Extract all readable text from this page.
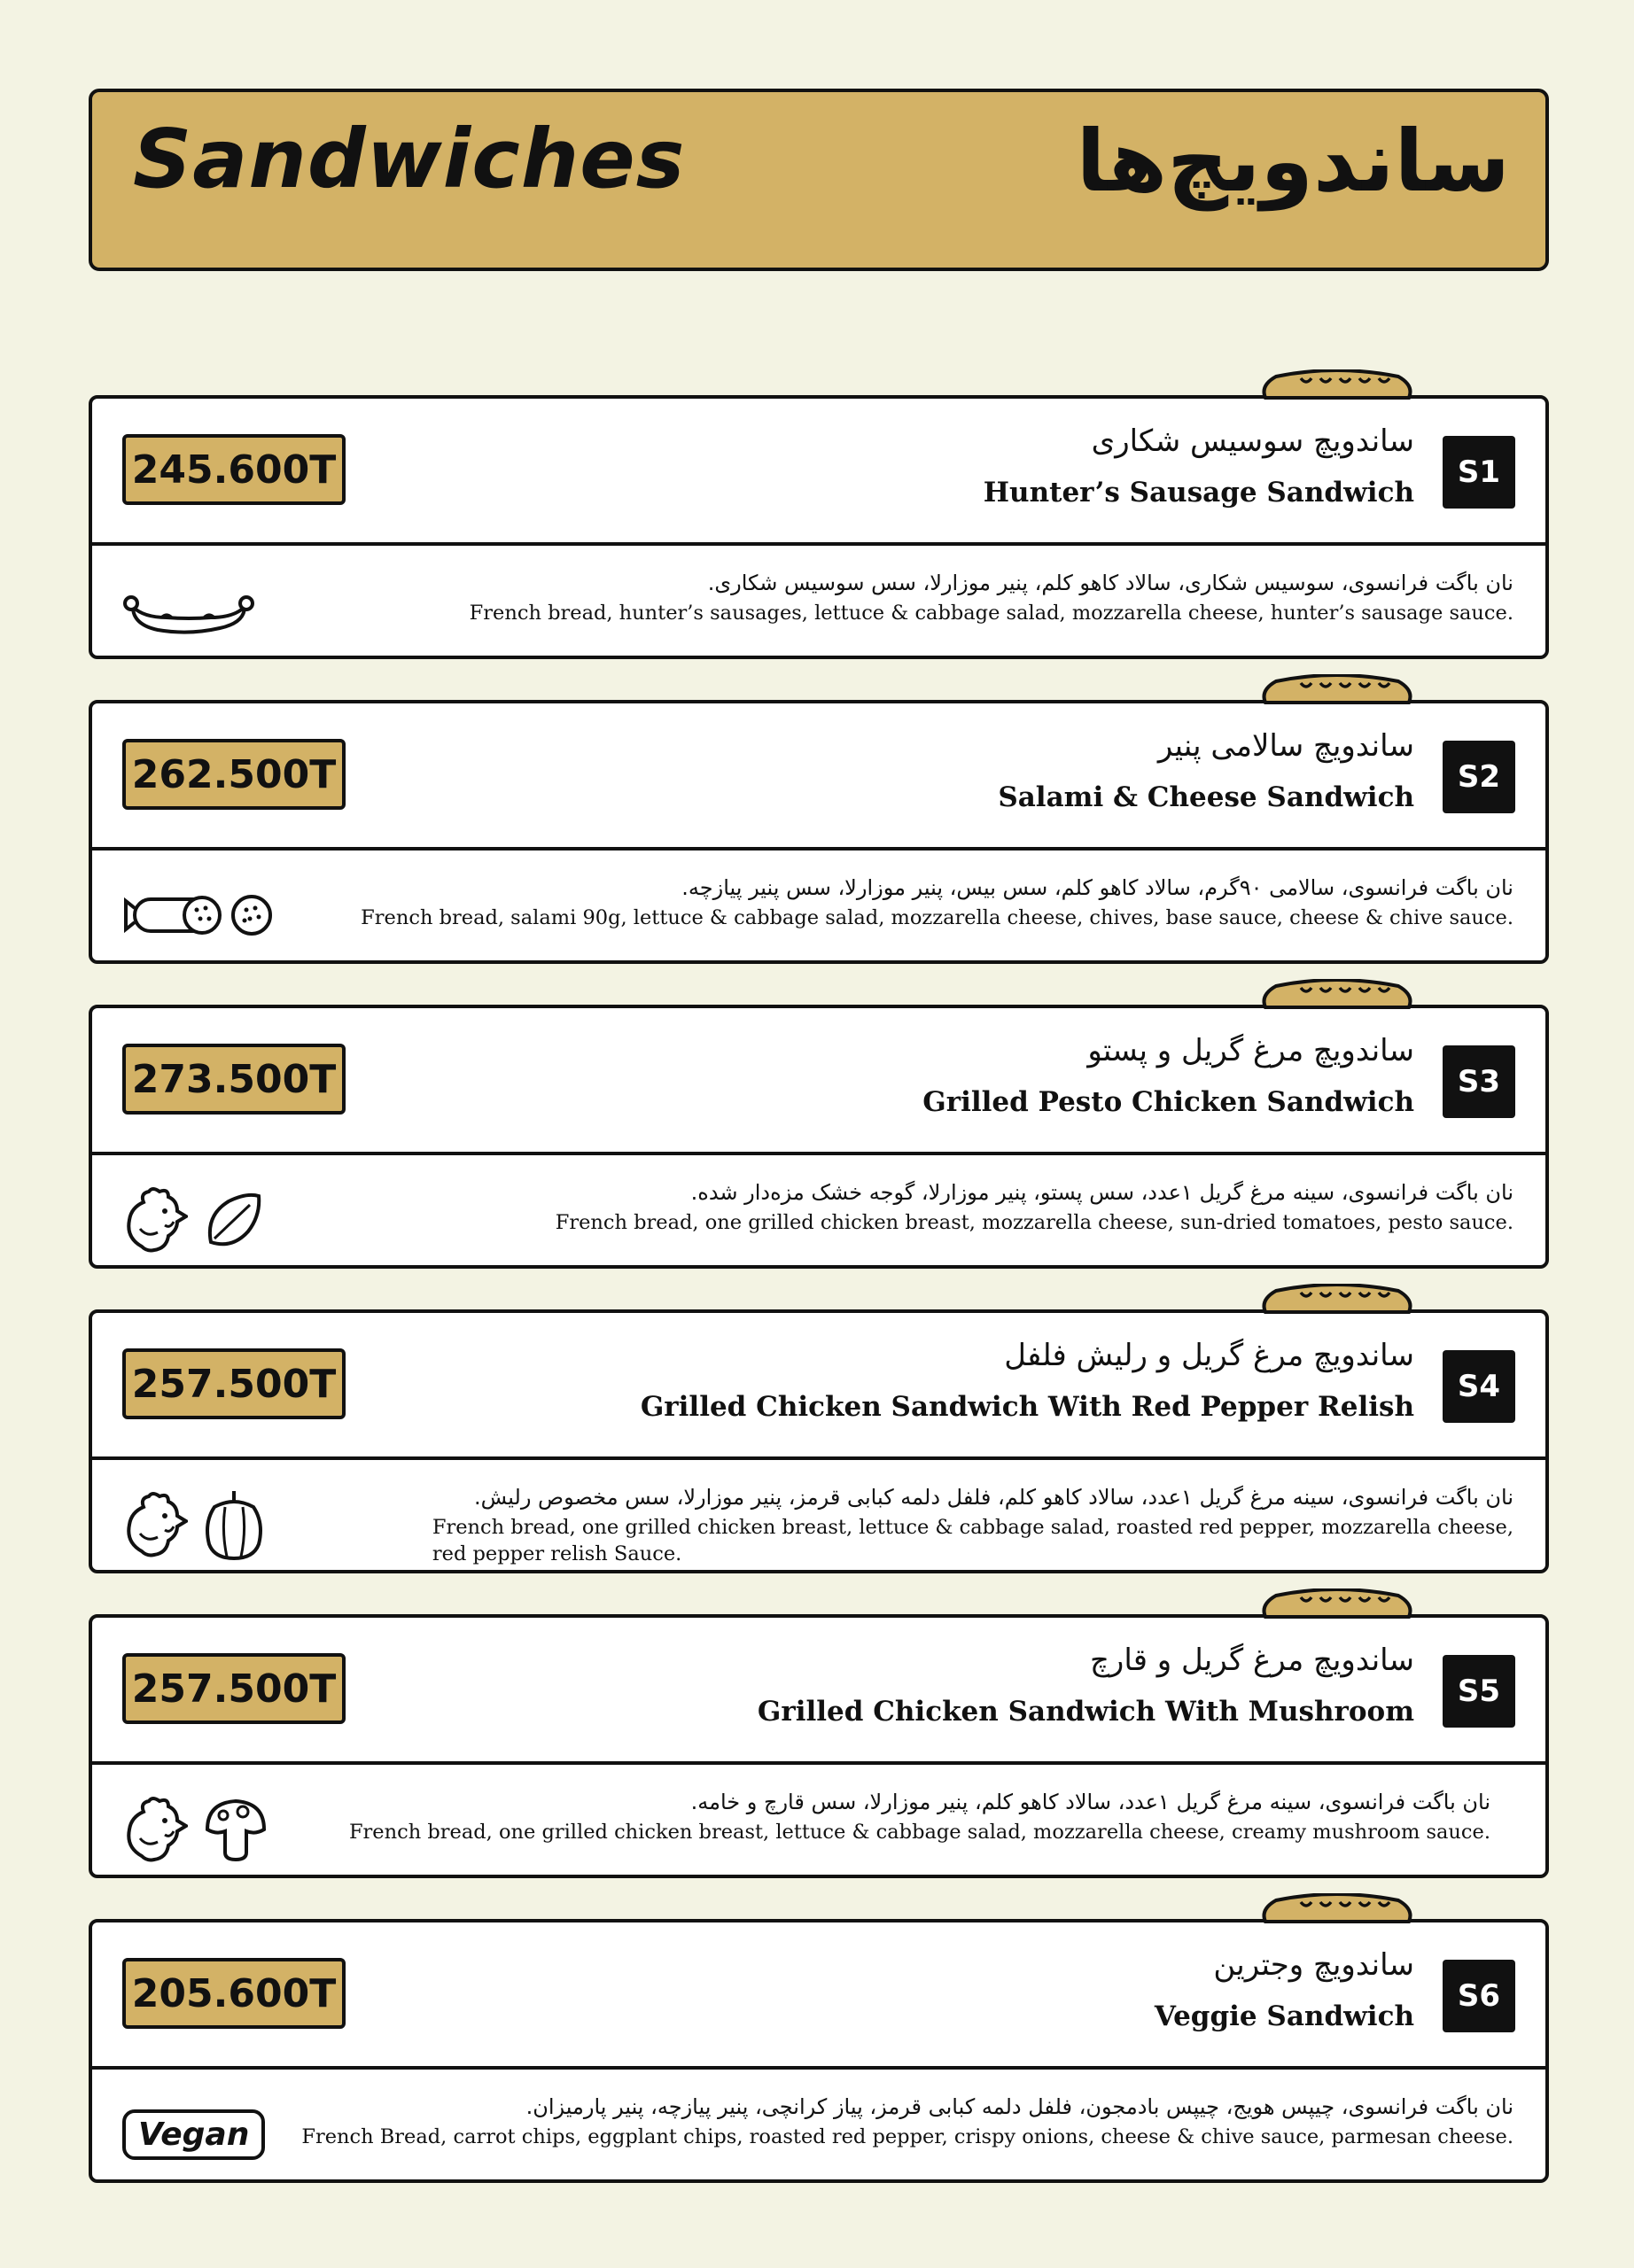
Sandwiches	ساندویچ‌ها
245.600T
ساندویچ سوسیس شکاری
Hunter’s Sausage Sandwich
S1
نان باگت فرانسوی، سوسیس شکاری، سالاد کاهو کلم، پنیر موزارلا، سس سوسیس شکاری.
French bread, hunter’s sausages, lettuce & cabbage salad, mozzarella cheese, hunter’s sausage sauce.
262.500T
ساندویچ سالامی پنیر
Salami & Cheese Sandwich
S2
نان باگت فرانسوی، سالامی ۹۰گرم، سالاد کاهو کلم، سس بیس، پنیر موزارلا، سس پنیر پیازچه.
French bread, salami 90g, lettuce & cabbage salad, mozzarella cheese, chives, base sauce, cheese & chive sauce.
273.500T
ساندویچ مرغ گریل و پستو
Grilled Pesto Chicken Sandwich
S3
نان باگت فرانسوی، سینه مرغ گریل ۱عدد، سس پستو، پنیر موزارلا، گوجه خشک مزه‌دار شده.
French bread, one grilled chicken breast, mozzarella cheese, sun-dried tomatoes, pesto sauce.
257.500T
ساندویچ مرغ گریل و رلیش فلفل
Grilled Chicken Sandwich With Red Pepper Relish
S4
نان باگت فرانسوی، سینه مرغ گریل ۱عدد، سالاد کاهو کلم، فلفل دلمه کبابی قرمز، پنیر موزارلا، سس مخصوص رلیش.
French bread, one grilled chicken breast, lettuce & cabbage salad, roasted red pepper, mozzarella cheese,
red pepper relish Sauce.
257.500T
ساندویچ مرغ گریل و قارچ
Grilled Chicken Sandwich With Mushroom
S5
نان باگت فرانسوی، سینه مرغ گریل ۱عدد، سالاد کاهو کلم، پنیر موزارلا، سس قارچ و خامه.
French bread, one grilled chicken breast, lettuce & cabbage salad, mozzarella cheese, creamy mushroom sauce.
205.600T
ساندویچ وجترین
Veggie Sandwich
S6
Vegan
نان باگت فرانسوی، چیپس هویج، چیپس بادمجون، فلفل دلمه کبابی قرمز، پیاز کرانچی، پنیر پیازچه، پنیر پارمیزان.
French Bread, carrot chips, eggplant chips, roasted red pepper, crispy onions, cheese & chive sauce, parmesan cheese.
